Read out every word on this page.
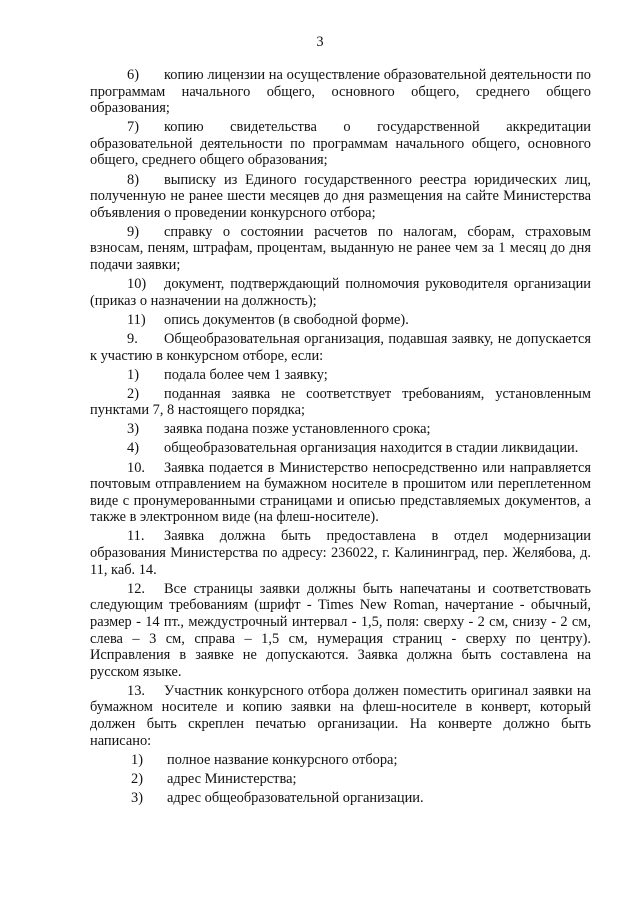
3

6) копию лицензии на осуществление образовательной деятельности по программам начального общего, основного общего, среднего общего образования;

7) копию свидетельства о государственной аккредитации образовательной деятельности по программам начального общего, основного общего, среднего общего образования;

8) выписку из Единого государственного реестра юридических лиц, полученную не ранее шести месяцев до дня размещения на сайте Министерства объявления о проведении конкурсного отбора;

9) справку о состоянии расчетов по налогам, сборам, страховым взносам, пеням, штрафам, процентам, выданную не ранее чем за 1 месяц до дня подачи заявки;

10) документ, подтверждающий полномочия руководителя организации (приказ о назначении на должность);

11) опись документов (в свободной форме).

9. Общеобразовательная организация, подавшая заявку, не допускается к участию в конкурсном отборе, если:

1) подала более чем 1 заявку;

2) поданная заявка не соответствует требованиям, установленным пунктами 7, 8 настоящего порядка;

3) заявка подана позже установленного срока;

4) общеобразовательная организация находится в стадии ликвидации.

10. Заявка подается в Министерство непосредственно или направляется почтовым отправлением на бумажном носителе в прошитом или переплетенном виде с пронумерованными страницами и описью представляемых документов, а также в электронном виде (на флеш-носителе).

11. Заявка должна быть предоставлена в отдел модернизации образования Министерства по адресу: 236022, г. Калининград, пер. Желябова, д. 11, каб. 14.

12. Все страницы заявки должны быть напечатаны и соответствовать следующим требованиям (шрифт - Times New Roman, начертание - обычный, размер - 14 пт., междустрочный интервал - 1,5, поля: сверху - 2 см, снизу - 2 см, слева – 3 см, справа – 1,5 см, нумерация страниц - сверху по центру). Исправления в заявке не допускаются. Заявка должна быть составлена на русском языке.

13. Участник конкурсного отбора должен поместить оригинал заявки на бумажном носителе и копию заявки на флеш-носителе в конверт, который должен быть скреплен печатью организации. На конверте должно быть написано:

1)	полное название конкурсного отбора;
2)	адрес Министерства;
3)	адрес общеобразовательной организации.
